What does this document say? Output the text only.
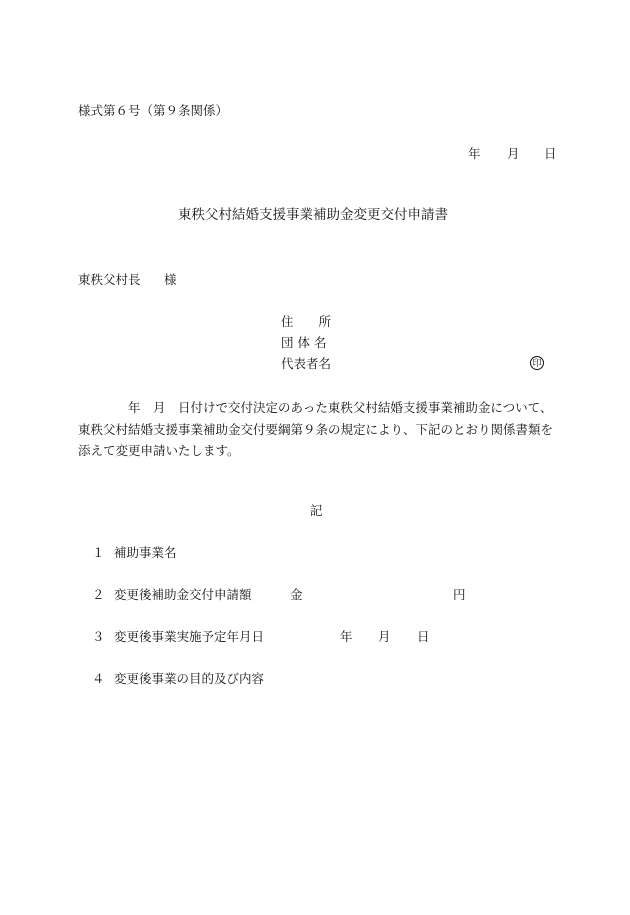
様式第６号（第９条関係）
年 月 日
東秩父村結婚支援事業補助金変更交付申請書
東秩父村長 様
住　　所
団 体 名
代表者名	印

　　　　年　月　日付けで交付決定のあった東秩父村結婚支援事業補助金について、

東秩父村結婚支援事業補助金交付要綱第９条の規定により、下記のとおり関係書類を

添えて変更申請いたします。

記
１ 補助事業名
２ 変更後補助金交付申請額	金	円
３ 変更後事業実施予定年月日	年 月 日
４ 変更後事業の目的及び内容
